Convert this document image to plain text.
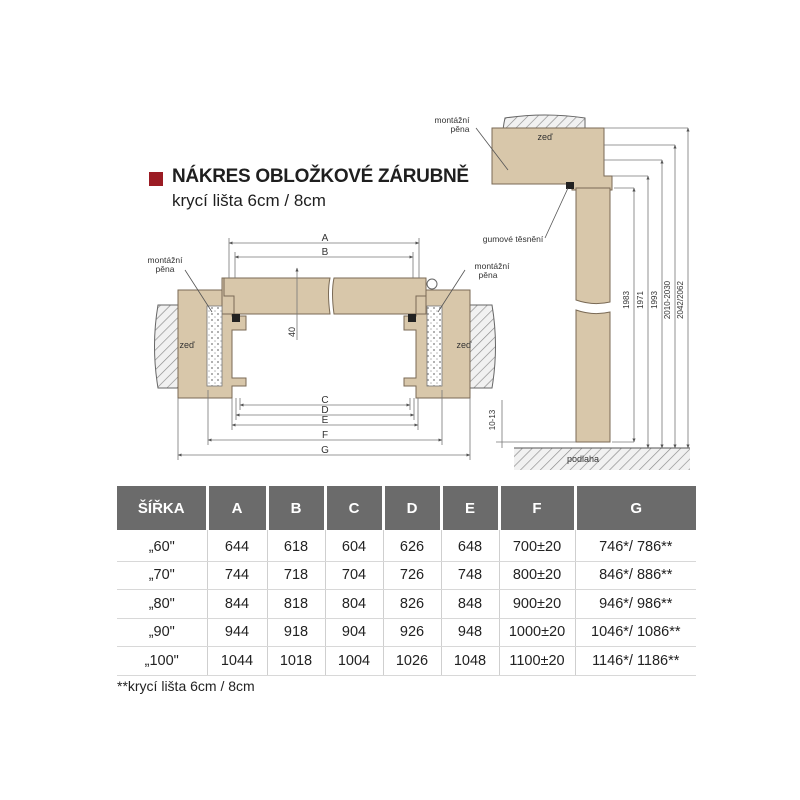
A
B
C
D
E
F
G
40
montážní
pěna	montážní
pěna
zeď	zeď
montážní
pěna
zeď
gumové těsnění
podlaha
10-13
1983 1971 1993 2010-2030 2042/2062
NÁKRES OBLOŽKOVÉ ZÁRUBNĚ
krycí lišta 6cm / 8cm
ŠÍŘKA	A	B	C	D	E	F	G
„60"	644	618	604	626	648	700±20	746*/ 786**
„70"	744	718	704	726	748	800±20	846*/ 886**
„80"	844	818	804	826	848	900±20	946*/ 986**
„90"	944	918	904	926	948	1000±20	1046*/ 1086**
„100"	1044	1018	1004	1026	1048	1100±20	1146*/ 1186**
**krycí lišta 6cm / 8cm
